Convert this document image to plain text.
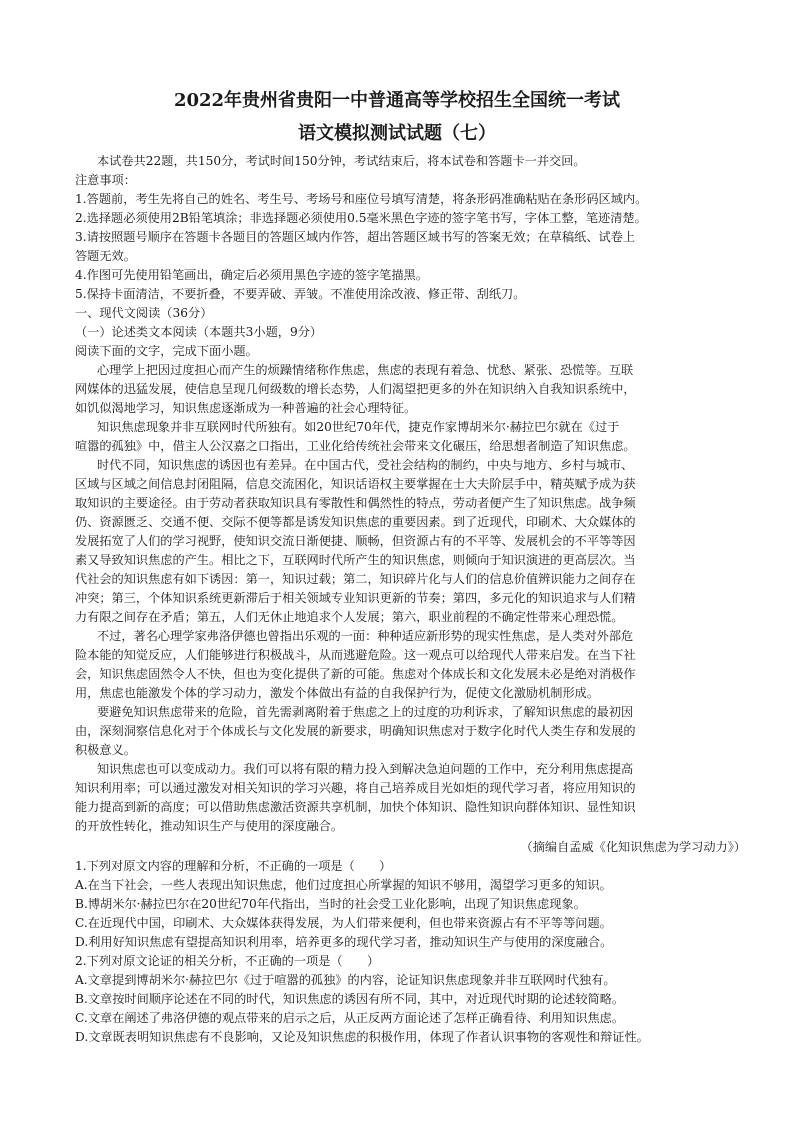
2022年贵州省贵阳一中普通高等学校招生全国统一考试
语文模拟测试试题（七）
本试卷共22题，共150分，考试时间150分钟，考试结束后，将本试卷和答题卡一并交回。
注意事项：
1.答题前，考生先将自己的姓名、考生号、考场号和座位号填写清楚，将条形码准确粘贴在条形码区域内。
2.选择题必须使用2B铅笔填涂；非选择题必须使用0.5毫米黑色字迹的签字笔书写，字体工整，笔迹清楚。
3.请按照题号顺序在答题卡各题目的答题区域内作答，超出答题区域书写的答案无效；在草稿纸、试卷上
答题无效。
4.作图可先使用铅笔画出，确定后必须用黑色字迹的签字笔描黑。
5.保持卡面清洁，不要折叠，不要弄破、弄皱。不准使用涂改液、修正带、刮纸刀。
一、现代文阅读（36分）
（一）论述类文本阅读（本题共3小题，9分）
阅读下面的文字，完成下面小题。
心理学上把因过度担心而产生的烦躁情绪称作焦虑，焦虑的表现有着急、忧愁、紧张、恐慌等。互联
网媒体的迅猛发展，使信息呈现几何级数的增长态势，人们渴望把更多的外在知识纳入自我知识系统中，
如饥似渴地学习，知识焦虑逐渐成为一种普遍的社会心理特征。
知识焦虑现象并非互联网时代所独有。如20世纪70年代，捷克作家博胡米尔·赫拉巴尔就在《过于
喧嚣的孤独》中，借主人公汉嘉之口指出，工业化给传统社会带来文化碾压，给思想者制造了知识焦虑。
时代不同，知识焦虑的诱因也有差异。在中国古代，受社会结构的制约，中央与地方、乡村与城市、
区域与区域之间信息封闭阻隔，信息交流困化，知识话语权主要掌握在士大夫阶层手中，精英赋予成为获
取知识的主要途径。由于劳动者获取知识具有零散性和偶然性的特点，劳动者便产生了知识焦虑。战争频
仍、资源匮乏、交通不便、交际不便等都是诱发知识焦虑的重要因素。到了近现代，印刷术、大众媒体的
发展拓宽了人们的学习视野，使知识交流日渐便捷、顺畅，但资源占有的不平等、发展机会的不平等等因
素又导致知识焦虑的产生。相比之下，互联网时代所产生的知识焦虑，则倾向于知识演进的更高层次。当
代社会的知识焦虑有如下诱因：第一，知识过载；第二，知识碎片化与人们的信息价值辨识能力之间存在
冲突；第三，个体知识系统更新滞后于相关领域专业知识更新的节奏；第四，多元化的知识追求与人们精
力有限之间存在矛盾；第五，人们无休止地追求个人发展；第六，职业前程的不确定性带来心理恐慌。
不过，著名心理学家弗洛伊德也曾指出乐观的一面：种种适应新形势的现实性焦虑，是人类对外部危
险本能的知觉反应，人们能够进行积极战斗，从而逃避危险。这一观点可以给现代人带来启发。在当下社
会，知识焦虑固然令人不快，但也为变化提供了新的可能。焦虑对个体成长和文化发展未必是绝对消极作
用，焦虑也能激发个体的学习动力，激发个体做出有益的自我保护行为，促使文化激励机制形成。
要避免知识焦虑带来的危险，首先需剥离附着于焦虑之上的过度的功利诉求，了解知识焦虑的最初因
由，深刻洞察信息化对于个体成长与文化发展的新要求，明确知识焦虑对于数字化时代人类生存和发展的
积极意义。
知识焦虑也可以变成动力。我们可以将有限的精力投入到解决急迫问题的工作中，充分利用焦虑提高
知识利用率；可以通过激发对相关知识的学习兴趣，将自己培养成目光如炬的现代学习者，将应用知识的
能力提高到新的高度；可以借助焦虑激活资源共享机制，加快个体知识、隐性知识向群体知识、显性知识
的开放性转化，推动知识生产与使用的深度融合。
（摘编自孟威《化知识焦虑为学习动力》）
1.下列对原文内容的理解和分析，不正确的一项是（　　）
A.在当下社会，一些人表现出知识焦虑，他们过度担心所掌握的知识不够用，渴望学习更多的知识。
B.博胡米尔·赫拉巴尔在20世纪70年代指出，当时的社会受工业化影响，出现了知识焦虑现象。
C.在近现代中国，印刷术、大众媒体获得发展，为人们带来便利，但也带来资源占有不平等等问题。
D.利用好知识焦虑有望提高知识利用率，培养更多的现代学习者，推动知识生产与使用的深度融合。
2.下列对原文论证的相关分析，不正确的一项是（　　）
A.文章提到博胡米尔·赫拉巴尔《过于喧嚣的孤独》的内容，论证知识焦虑现象并非互联网时代独有。
B.文章按时间顺序论述在不同的时代，知识焦虑的诱因有所不同，其中，对近现代时期的论述较简略。
C.文章在阐述了弗洛伊德的观点带来的启示之后，从正反两方面论述了怎样正确看待、利用知识焦虑。
D.文章既表明知识焦虑有不良影响，又论及知识焦虑的积极作用，体现了作者认识事物的客观性和辩证性。
